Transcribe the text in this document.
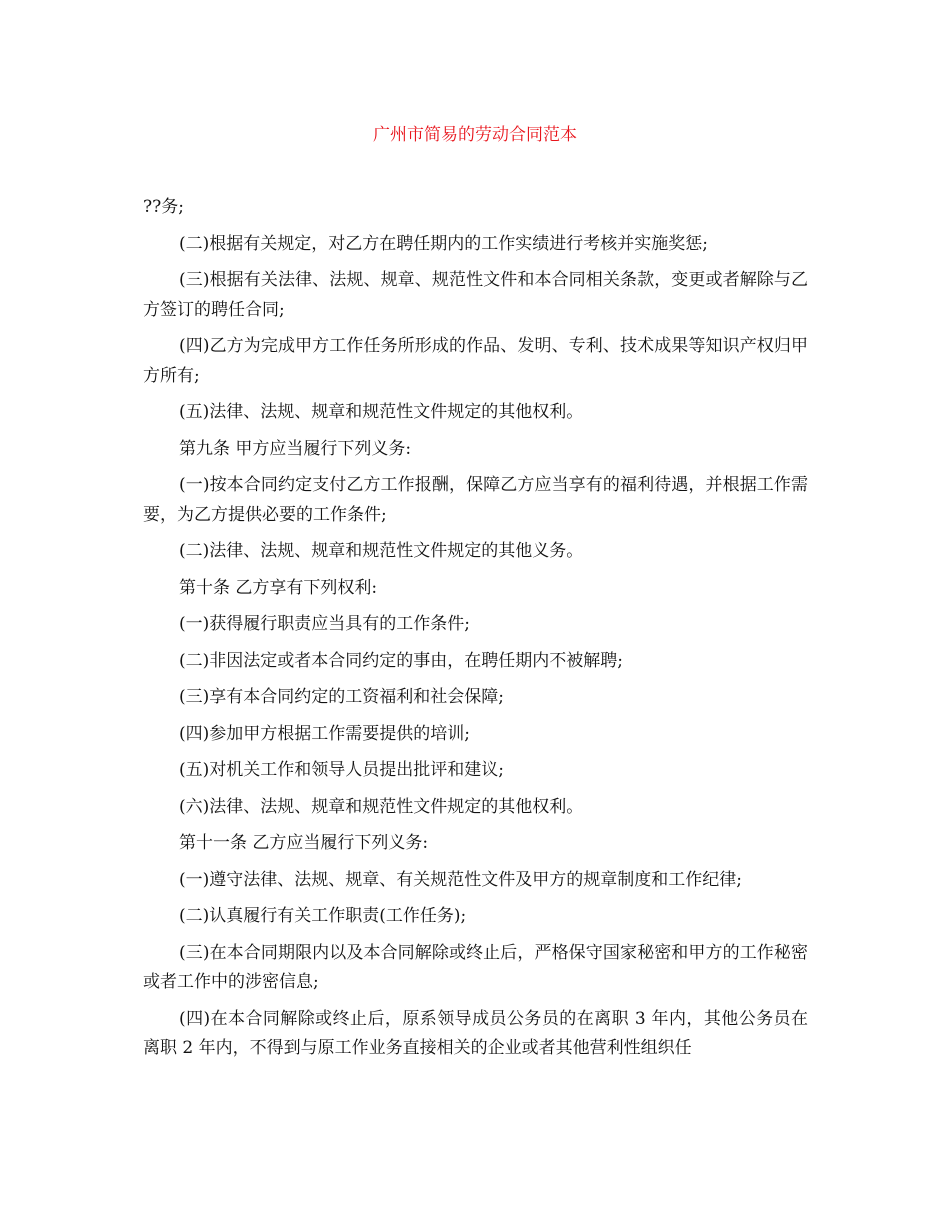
广州市简易的劳动合同范本

??务;

(二)根据有关规定，对乙方在聘任期内的工作实绩进行考核并实施奖惩;

(三)根据有关法律、法规、规章、规范性文件和本合同相关条款，变更或者解除与乙方签订的聘任合同;

(四)乙方为完成甲方工作任务所形成的作品、发明、专利、技术成果等知识产权归甲方所有;

(五)法律、法规、规章和规范性文件规定的其他权利。

第九条 甲方应当履行下列义务:

(一)按本合同约定支付乙方工作报酬，保障乙方应当享有的福利待遇，并根据工作需要，为乙方提供必要的工作条件;

(二)法律、法规、规章和规范性文件规定的其他义务。

第十条 乙方享有下列权利:

(一)获得履行职责应当具有的工作条件;

(二)非因法定或者本合同约定的事由，在聘任期内不被解聘;

(三)享有本合同约定的工资福利和社会保障;

(四)参加甲方根据工作需要提供的培训;

(五)对机关工作和领导人员提出批评和建议;

(六)法律、法规、规章和规范性文件规定的其他权利。

第十一条 乙方应当履行下列义务:

(一)遵守法律、法规、规章、有关规范性文件及甲方的规章制度和工作纪律;

(二)认真履行有关工作职责(工作任务);

(三)在本合同期限内以及本合同解除或终止后，严格保守国家秘密和甲方的工作秘密或者工作中的涉密信息;

(四)在本合同解除或终止后，原系领导成员公务员的在离职 3 年内，其他公务员在离职 2 年内，不得到与原工作业务直接相关的企业或者其他营利性组织任
